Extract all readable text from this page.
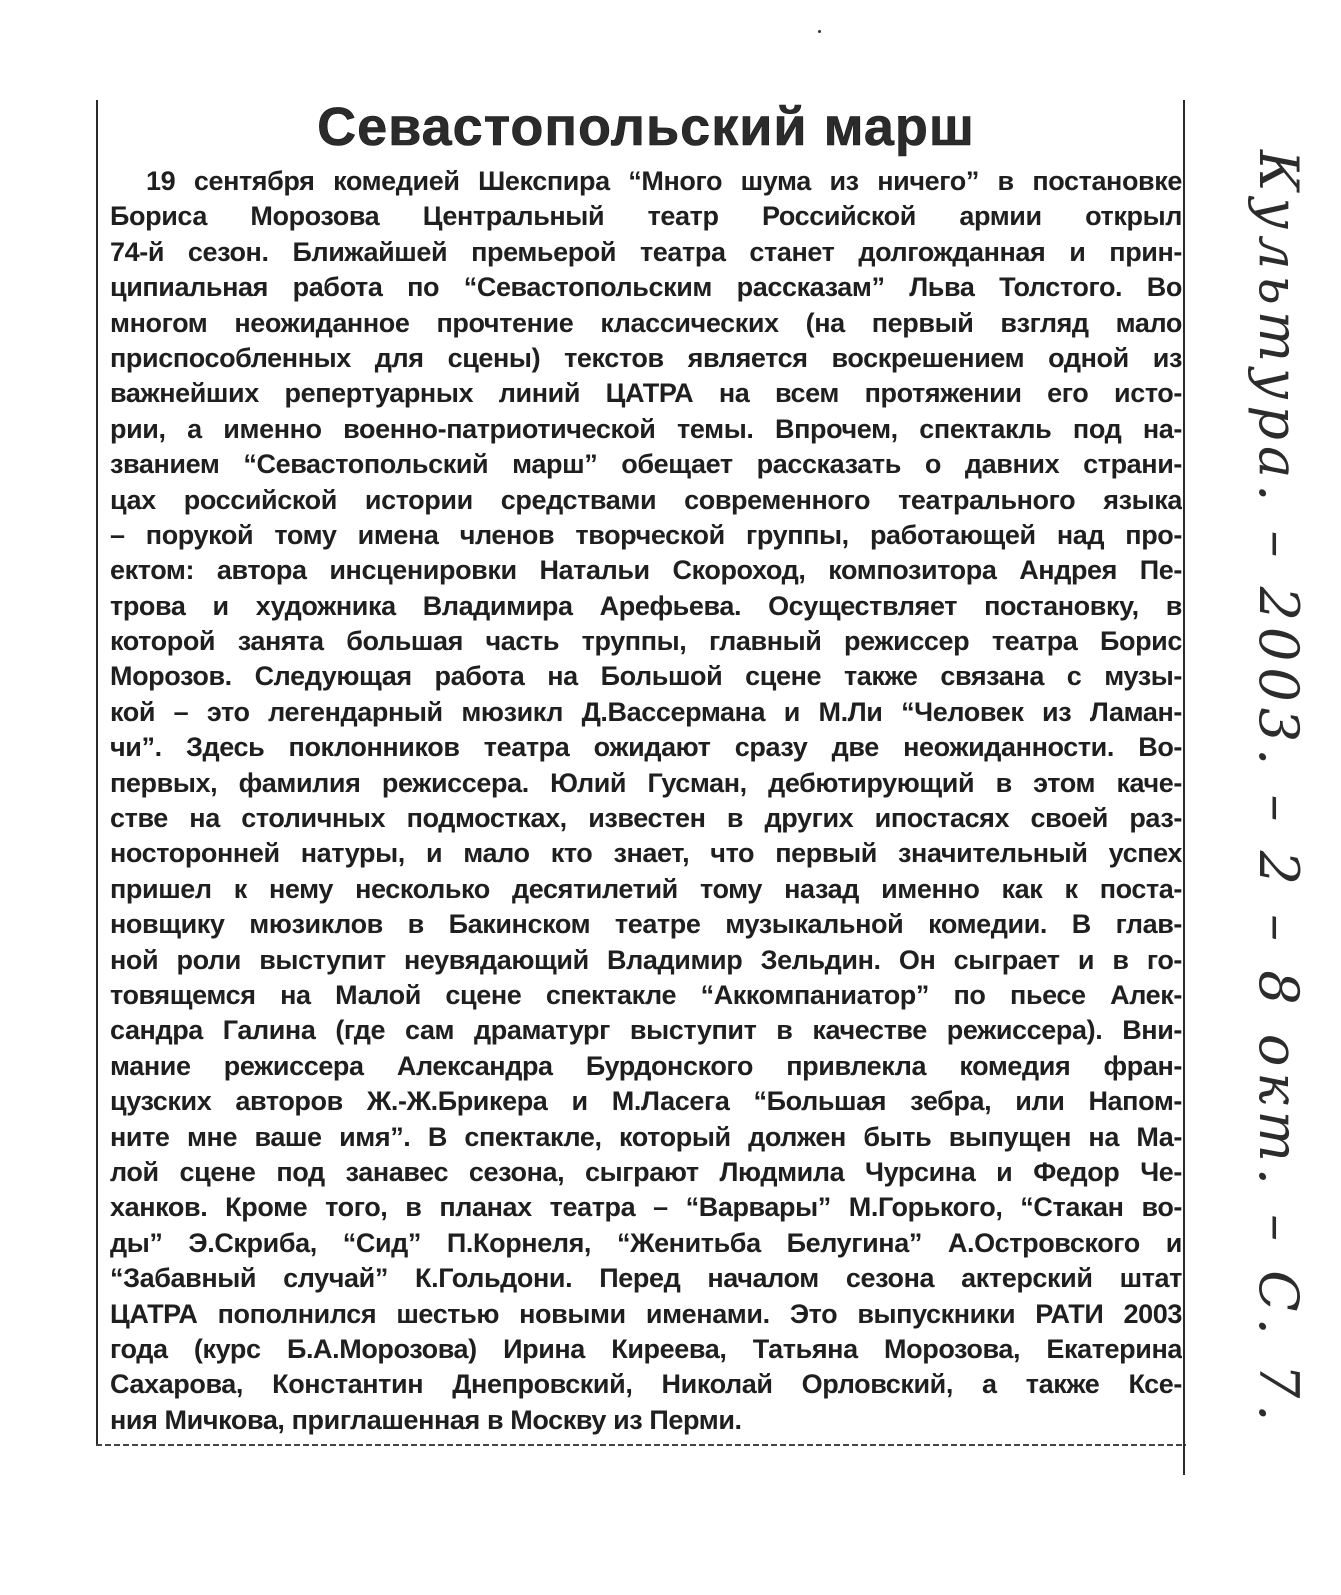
Севастопольский марш
19 сентября комедией Шекспира “Много шума из ничего” в постановке
Бориса Морозова Центральный театр Российской армии открыл
74-й сезон. Ближайшей премьерой театра станет долгожданная и прин-
ципиальная работа по “Севастопольским рассказам” Льва Толстого. Во
многом неожиданное прочтение классических (на первый взгляд мало
приспособленных для сцены) текстов является воскрешением одной из
важнейших репертуарных линий ЦАТРА на всем протяжении его исто-
рии, а именно военно-патриотической темы. Впрочем, спектакль под на-
званием “Севастопольский марш” обещает рассказать о давних страни-
цах российской истории средствами современного театрального языка
– порукой тому имена членов творческой группы, работающей над про-
ектом: автора инсценировки Натальи Скороход, композитора Андрея Пе-
трова и художника Владимира Арефьева. Осуществляет постановку, в
которой занята большая часть труппы, главный режиссер театра Борис
Морозов. Следующая работа на Большой сцене также связана с музы-
кой – это легендарный мюзикл Д.Вассермана и М.Ли “Человек из Ламан-
чи”. Здесь поклонников театра ожидают сразу две неожиданности. Во-
первых, фамилия режиссера. Юлий Гусман, дебютирующий в этом каче-
стве на столичных подмостках, известен в других ипостасях своей раз-
носторонней натуры, и мало кто знает, что первый значительный успех
пришел к нему несколько десятилетий тому назад именно как к поста-
новщику мюзиклов в Бакинском театре музыкальной комедии. В глав-
ной роли выступит неувядающий Владимир Зельдин. Он сыграет и в го-
товящемся на Малой сцене спектакле “Аккомпаниатор” по пьесе Алек-
сандра Галина (где сам драматург выступит в качестве режиссера). Вни-
мание режиссера Александра Бурдонского привлекла комедия фран-
цузских авторов Ж.-Ж.Брикера и М.Ласега “Большая зебра, или Напом-
ните мне ваше имя”. В спектакле, который должен быть выпущен на Ма-
лой сцене под занавес сезона, сыграют Людмила Чурсина и Федор Че-
ханков. Кроме того, в планах театра – “Варвары” М.Горького, “Стакан во-
ды” Э.Скриба, “Сид” П.Корнеля, “Женитьба Белугина” А.Островского и
“Забавный случай” К.Гольдони. Перед началом сезона актерский штат
ЦАТРА пополнился шестью новыми именами. Это выпускники РАТИ 2003
года (курс Б.А.Морозова) Ирина Киреева, Татьяна Морозова, Екатерина
Сахарова, Константин Днепровский, Николай Орловский, а также Ксе-
ния Мичкова, приглашенная в Москву из Перми.	Культура. – 2003. – 2 – 8 окт. – С. 7.
